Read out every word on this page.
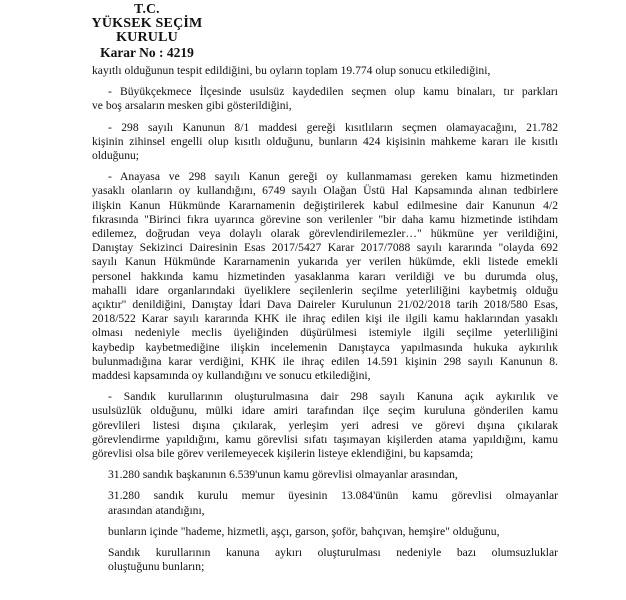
T.C.
YÜKSEK SEÇİM KURULU
Karar No : 4219
kayıtlı olduğunun tespit edildiğini, bu oyların toplam 19.774 olup sonucu etkilediğini,
- Büyükçekmece İlçesinde usulsüz kaydedilen seçmen olup kamu binaları, tır parkları
ve boş arsaların mesken gibi gösterildiğini,
- 298 sayılı Kanunun 8/1 maddesi gereği kısıtlıların seçmen olamayacağını, 21.782
kişinin zihinsel engelli olup kısıtlı olduğunu, bunların 424 kişisinin mahkeme kararı ile kısıtlı
olduğunu;
- Anayasa ve 298 sayılı Kanun gereği oy kullanmaması gereken kamu hizmetinden
yasaklı olanların oy kullandığını, 6749 sayılı Olağan Üstü Hal Kapsamında alınan tedbirlere
ilişkin Kanun Hükmünde Kararnamenin değiştirilerek kabul edilmesine dair Kanunun 4/2
fıkrasında "Birinci fıkra uyarınca görevine son verilenler "bir daha kamu hizmetinde istihdam
edilemez, doğrudan veya dolaylı olarak görevlendirilemezler…" hükmüne yer verildiğini,
Danıştay Sekizinci Dairesinin Esas 2017/5427 Karar 2017/7088 sayılı kararında "olayda 692
sayılı Kanun Hükmünde Kararnamenin yukarıda yer verilen hükümde, ekli listede emekli
personel hakkında kamu hizmetinden yasaklanma kararı verildiği ve bu durumda oluş,
mahalli idare organlarındaki üyeliklere seçilenlerin seçilme yeterliliğini kaybetmiş olduğu
açıktır" denildiğini, Danıştay İdari Dava Daireler Kurulunun 21/02/2018 tarih 2018/580 Esas,
2018/522 Karar sayılı kararında KHK ile ihraç edilen kişi ile ilgili kamu haklarından yasaklı
olması nedeniyle meclis üyeliğinden düşürülmesi istemiyle ilgili seçilme yeterliliğini
kaybedip kaybetmediğine ilişkin incelemenin Danıştayca yapılmasında hukuka aykırılık
bulunmadığına karar verdiğini, KHK ile ihraç edilen 14.591 kişinin 298 sayılı Kanunun 8.
maddesi kapsamında oy kullandığını ve sonucu etkilediğini,
- Sandık kurullarının oluşturulmasına dair 298 sayılı Kanuna açık aykırılık ve
usulsüzlük olduğunu, mülki idare amiri tarafından ilçe seçim kuruluna gönderilen kamu
görevlileri listesi dışına çıkılarak, yerleşim yeri adresi ve görevi dışına çıkılarak
görevlendirme yapıldığını, kamu görevlisi sıfatı taşımayan kişilerden atama yapıldığını, kamu
görevlisi olsa bile görev verilemeyecek kişilerin listeye eklendiğini, bu kapsamda;
31.280 sandık başkanının 6.539'unun kamu görevlisi olmayanlar arasından,
31.280 sandık kurulu memur üyesinin 13.084'ünün kamu görevlisi olmayanlar
arasından atandığını,
bunların içinde "hademe, hizmetli, aşçı, garson, şoför, bahçıvan, hemşire" olduğunu,
Sandık kurullarının kanuna aykırı oluşturulması nedeniyle bazı olumsuzluklar
oluştuğunu bunların;
